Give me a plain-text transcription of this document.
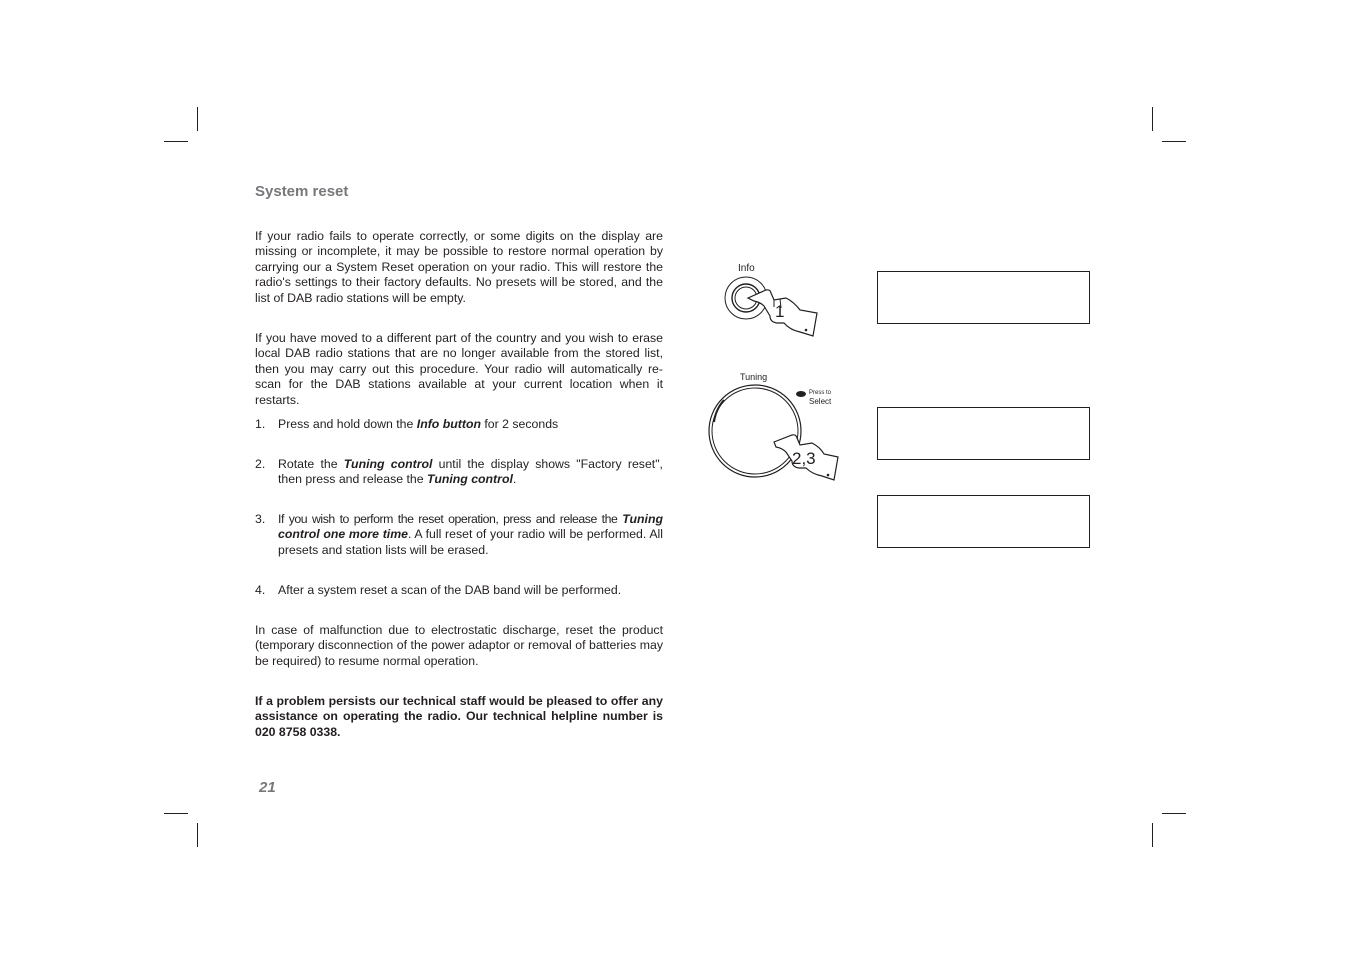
System reset

If your radio fails to operate correctly, or some digits on the display are missing or incomplete, it may be possible to restore normal operation by carrying our a System Reset operation on your radio. This will restore the radio's settings to their factory defaults. No presets will be stored, and the list of DAB radio stations will be empty.

If you have moved to a different part of the country and you wish to erase local DAB radio stations that are no longer available from the stored list, then you may carry out this procedure. Your radio will automatically re-scan for the DAB stations available at your current location when it restarts.

1. Press and hold down the Info button for 2 seconds
2. Rotate the Tuning control until the display shows "Factory reset", then press and release the Tuning control.
3. If you wish to perform the reset operation, press and release the Tuning control one more time. A full reset of your radio will be performed. All presets and station lists will be erased.
4. After a system reset a scan of the DAB band will be performed.

In case of malfunction due to electrostatic discharge, reset the product (temporary disconnection of the power adaptor or removal of batteries may be required) to resume normal operation.

If a problem persists our technical staff would be pleased to offer any assistance on operating the radio. Our technical helpline number is 020 8758 0338.

21
Info
1
Tuning
Press to
Select
2,3
